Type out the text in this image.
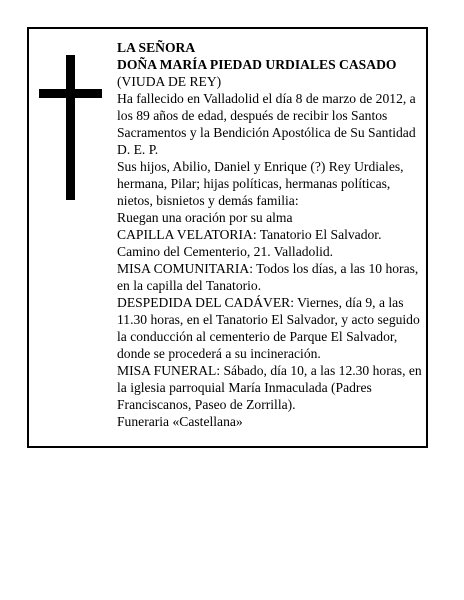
LA SEÑORA

DOÑA MARÍA PIEDAD URDIALES CASADO

(VIUDA DE REY)

Ha fallecido en Valladolid el día 8 de marzo de 2012, a los 89 años de edad, después de recibir los Santos Sacramentos y la Bendición Apostólica de Su Santidad

D. E. P.

Sus hijos, Abilio, Daniel y Enrique (?) Rey Urdiales, hermana, Pilar; hijas políticas, hermanas políticas, nietos, bisnietos y demás familia:

Ruegan una oración por su alma

CAPILLA VELATORIA: Tanatorio El Salvador. Camino del Cementerio, 21. Valladolid.

MISA COMUNITARIA: Todos los días, a las 10 horas, en la capilla del Tanatorio.

DESPEDIDA DEL CADÁVER: Viernes, día 9, a las 11.30 horas, en el Tanatorio El Salvador, y acto seguido la conducción al cementerio de Parque El Salvador, donde se procederá a su incineración.

MISA FUNERAL: Sábado, día 10, a las 12.30 horas, en la iglesia parroquial María Inmaculada (Padres Franciscanos, Paseo de Zorrilla).

Funeraria «Castellana»
